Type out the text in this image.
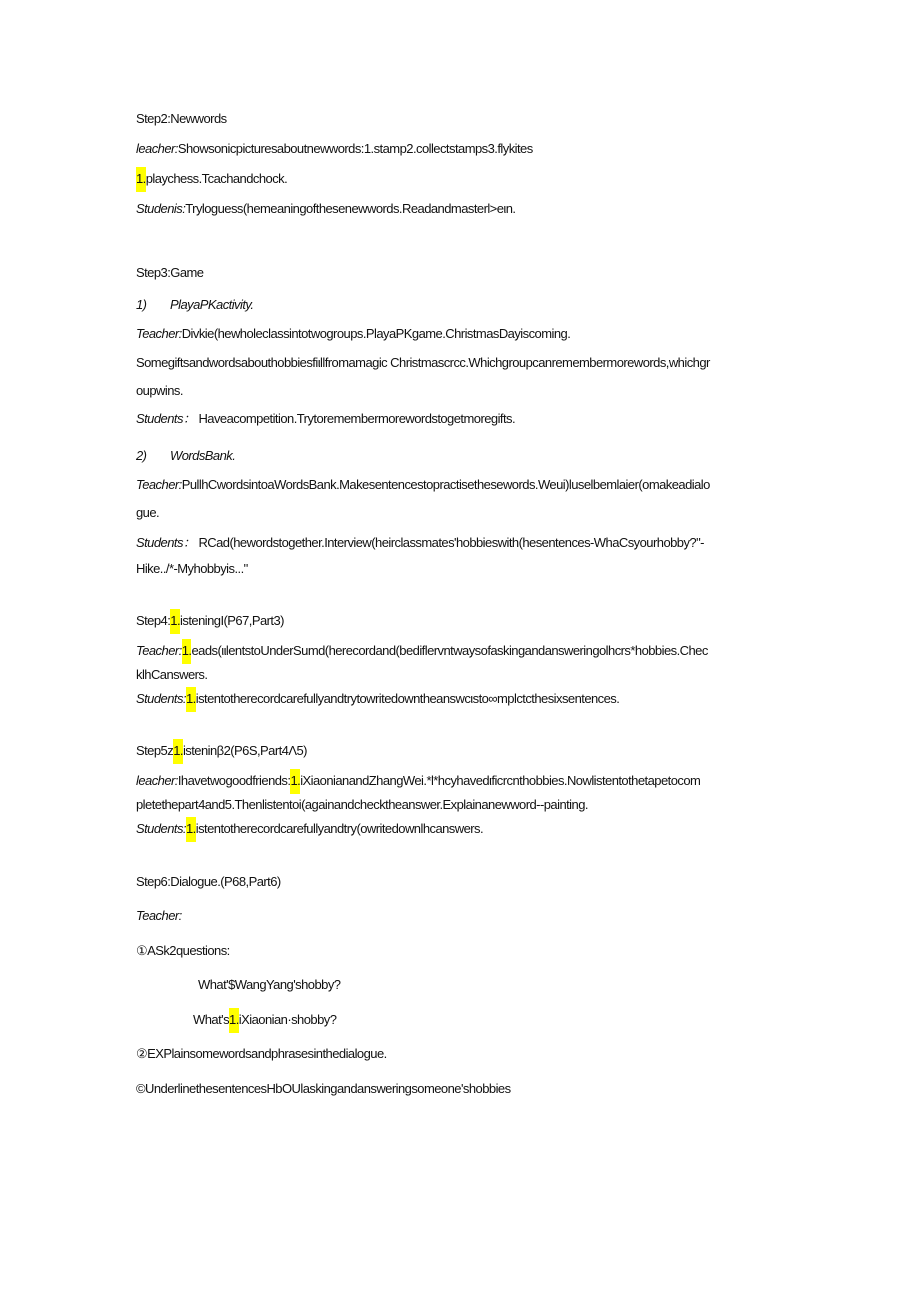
Step2:Newwords
leacher:Showsonicpicturesaboutnewwords:1.stamp2.collectstamps3.flykites
1.playchess.Tcachandchock.
Studenis:Tryloguess(hemeaningofthesenewwords.Readandmasterl>eιn.
Step3:Game
1) PlayaPKactivity.
Teacher:Divkie(hewholeclassintotwogroups.PlayaPKgame.ChristmasDayiscoming.
Somegiftsandwordsabouthobbiesfiιllfromamagic Christmascrcc.Whichgroupcanremembermorewords,whichgr
oupwins.
Students： Haveacompetition.Trytoremembermorewordstogetmoregifts.
2) WordsBank.
Teacher:PullhCwordsintoaWordsBank.Makesentencestopractisethesewords.Weui)luselbemlaier(omakeadialo
gue.
Students： RCad(hewordstogether.Interview(heirclassmates'hobbieswith(hesentences-WhaCsyourhobby?"-
Hike../*-Myhobbyis..."
Step4:1.isteningI(P67,Part3)
Teacher:1.eads(ιιlentstoUnderSumd(herecordand(bediflervntwaysofaskingandansweringolhcrs*hobbies.Chec
klhCanswers.
Students:1.istentotherecordcarefullyandtrytowritedowntheanswcιsto∞mplctcthesixsentences.
Step5z1.isteninβ2(P6S,Part4Λ5)
leacher:Ihavetwogoodfriends:1.iXiaonianandZhangWei.*l*hcyhavedιficrcnthobbies.Nowlistentothetapetocom
pletethepart4and5.Thenlistentoi(againandchecktheanswer.Explainanewword--painting.
Students:1.istentotherecordcarefullyandtry(owritedownlhcanswers.
Step6:Dialogue.(P68,Part6)
Teacher:
①ASk2questions:
What'$WangYang'shobby?
What's1.iXiaonian·shobby?
②EXPlainsomewordsandphrasesinthedialogue.
©UnderlinethesentencesHbOUlaskingandansweringsomeone'shobbies
